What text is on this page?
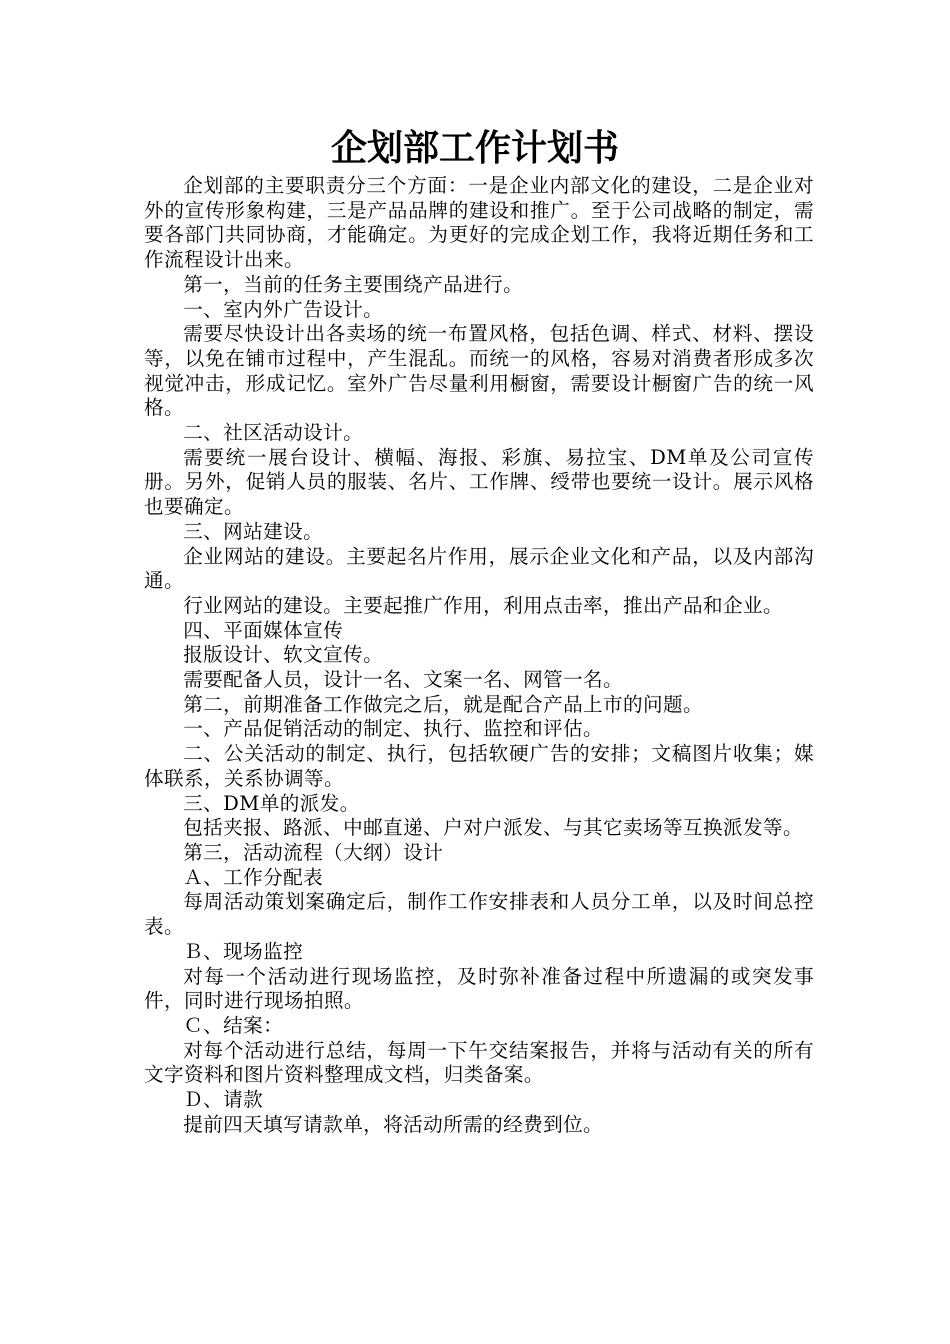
企划部工作计划书

企划部的主要职责分三个方面：一是企业内部文化的建设，二是企业对外的宣传形象构建，三是产品品牌的建设和推广。至于公司战略的制定，需要各部门共同协商，才能确定。为更好的完成企划工作，我将近期任务和工作流程设计出来。

第一，当前的任务主要围绕产品进行。

一、室内外广告设计。

需要尽快设计出各卖场的统一布置风格，包括色调、样式、材料、摆设等，以免在铺市过程中，产生混乱。而统一的风格，容易对消费者形成多次视觉冲击，形成记忆。室外广告尽量利用橱窗，需要设计橱窗广告的统一风格。

二、社区活动设计。

需要统一展台设计、横幅、海报、彩旗、易拉宝、DM单及公司宣传册。另外，促销人员的服装、名片、工作牌、绶带也要统一设计。展示风格也要确定。

三、网站建设。

企业网站的建设。主要起名片作用，展示企业文化和产品，以及内部沟通。

行业网站的建设。主要起推广作用，利用点击率，推出产品和企业。

四、平面媒体宣传

报版设计、软文宣传。

需要配备人员，设计一名、文案一名、网管一名。

第二，前期准备工作做完之后，就是配合产品上市的问题。

一、产品促销活动的制定、执行、监控和评估。

二、公关活动的制定、执行，包括软硬广告的安排；文稿图片收集；媒体联系，关系协调等。

三、DM单的派发。

包括夹报、路派、中邮直递、户对户派发、与其它卖场等互换派发等。

第三，活动流程（大纲）设计

Ａ、工作分配表

每周活动策划案确定后，制作工作安排表和人员分工单，以及时间总控表。

Ｂ、现场监控

对每一个活动进行现场监控，及时弥补准备过程中所遗漏的或突发事件，同时进行现场拍照。

Ｃ、结案：

对每个活动进行总结，每周一下午交结案报告，并将与活动有关的所有文字资料和图片资料整理成文档，归类备案。

Ｄ、请款

提前四天填写请款单，将活动所需的经费到位。
